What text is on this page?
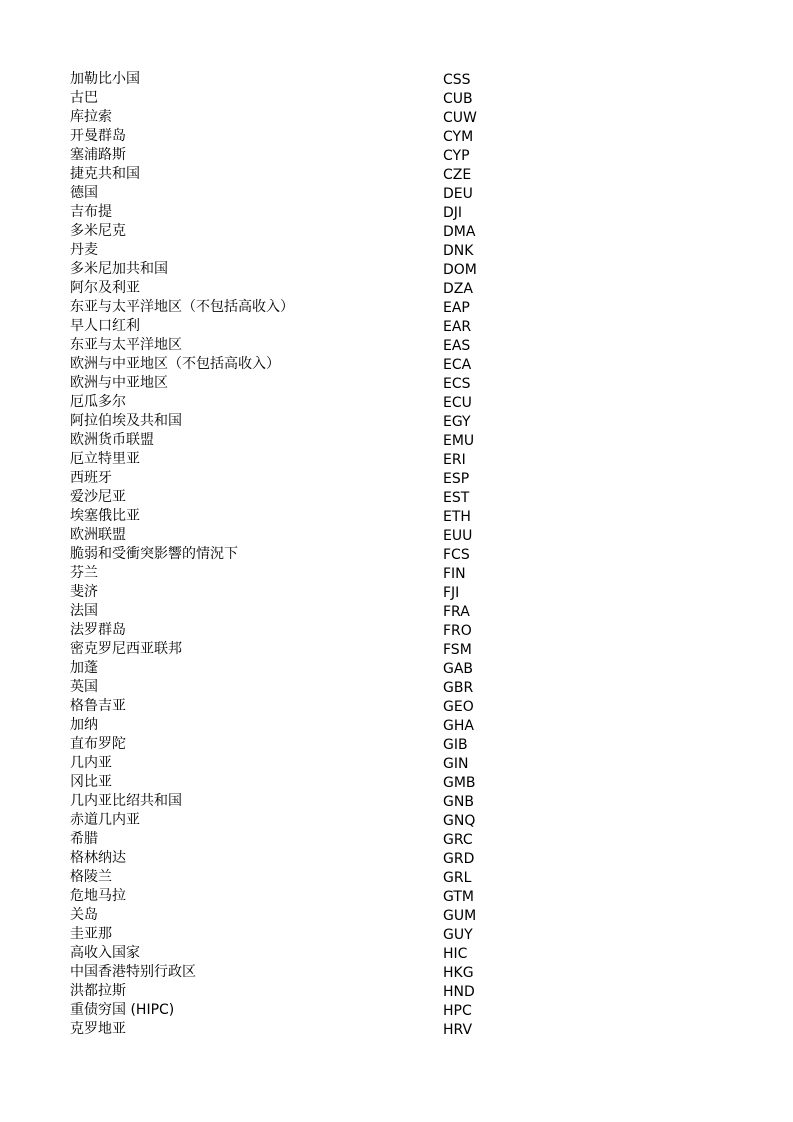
加勒比小国	CSS
古巴	CUB
库拉索	CUW
开曼群岛	CYM
塞浦路斯	CYP
捷克共和国	CZE
德国	DEU
吉布提	DJI
多米尼克	DMA
丹麦	DNK
多米尼加共和国	DOM
阿尔及利亚	DZA
东亚与太平洋地区（不包括高收入）	EAP
早人口红利	EAR
东亚与太平洋地区	EAS
欧洲与中亚地区（不包括高收入）	ECA
欧洲与中亚地区	ECS
厄瓜多尔	ECU
阿拉伯埃及共和国	EGY
欧洲货币联盟	EMU
厄立特里亚	ERI
西班牙	ESP
爱沙尼亚	EST
埃塞俄比亚	ETH
欧洲联盟	EUU
脆弱和受衝突影響的情況下	FCS
芬兰	FIN
斐济	FJI
法国	FRA
法罗群岛	FRO
密克罗尼西亚联邦	FSM
加蓬	GAB
英国	GBR
格鲁吉亚	GEO
加纳	GHA
直布罗陀	GIB
几内亚	GIN
冈比亚	GMB
几内亚比绍共和国	GNB
赤道几内亚	GNQ
希腊	GRC
格林纳达	GRD
格陵兰	GRL
危地马拉	GTM
关岛	GUM
圭亚那	GUY
高收入国家	HIC
中国香港特别行政区	HKG
洪都拉斯	HND
重债穷国 (HIPC)	HPC
克罗地亚	HRV
